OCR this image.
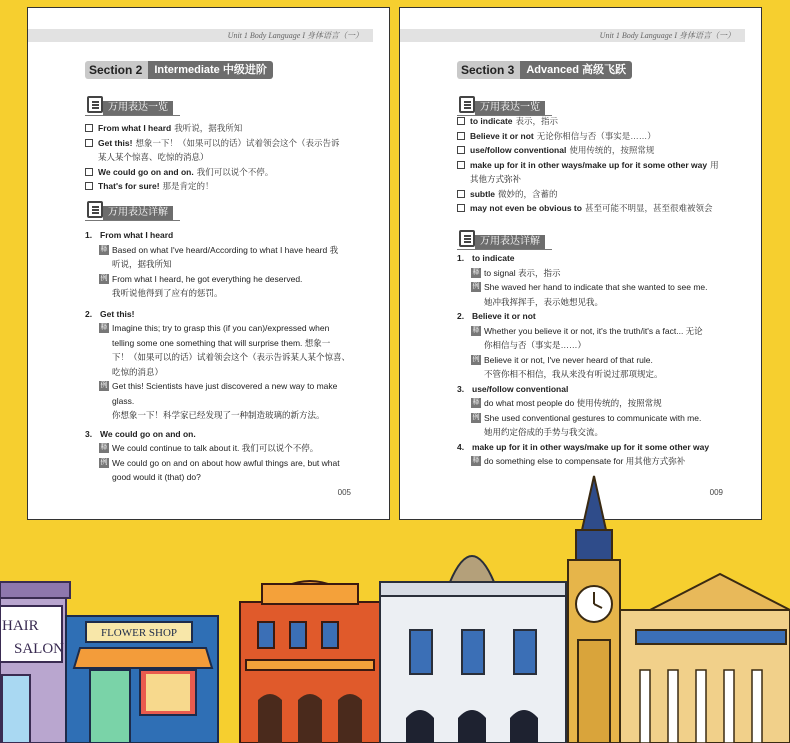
Unit 1 Body Language I 身体语言（一）
Section 2	Intermediate 中级进阶
万用表达一览
From what I heard 我听说，据我所知
Get this! 想象一下！（如果可以的话）试着领会这个（表示告诉
某人某个惊喜、吃惊的消息）
We could go on and on. 我们可以说个不停。
That's for sure! 那是肯定的！
万用表达详解
1. From what I heard
释 Based on what I've heard/According to what I have heard 我
听说，据我所知
例 From what I heard, he got everything he deserved.
我听说他得到了应有的惩罚。
2. Get this!
释 Imagine this; try to grasp this (if you can)/expressed when
telling some one something that will surprise them. 想象一
下！（如果可以的话）试着领会这个（表示告诉某人某个惊喜、
吃惊的消息）
例 Get this! Scientists have just discovered a new way to make
glass.
你想象一下！科学家已经发现了一种制造玻璃的新方法。
3. We could go on and on.
释 We could continue to talk about it. 我们可以说个不停。
例 We could go on and on about how awful things are, but what
good would it (that) do?
005
Unit 1 Body Language I 身体语言（一）
Section 3	Advanced 高级飞跃
万用表达一览
to indicate 表示，指示
Believe it or not 无论你相信与否（事实是……）
use/follow conventional 使用传统的，按照常规
make up for it in other ways/make up for it some other way 用
其他方式弥补
subtle 微妙的，含蓄的
may not even be obvious to 甚至可能不明显，甚至很难被领会
万用表达详解
1. to indicate
释 to signal 表示，指示
例 She waved her hand to indicate that she wanted to see me.
她冲我挥挥手，表示她想见我。
2. Believe it or not
释 Whether you believe it or not, it's the truth/it's a fact... 无论
你相信与否（事实是……）
例 Believe it or not, I've never heard of that rule.
不管你相不相信，我从来没有听说过那项规定。
3. use/follow conventional
释 do what most people do 使用传统的，按照常规
例 She used conventional gestures to communicate with me.
她用约定俗成的手势与我交流。
4. make up for it in other ways/make up for it some other way
释 do something else to compensate for 用其他方式弥补
009
HAIR
SALON
FLOWER SHOP
